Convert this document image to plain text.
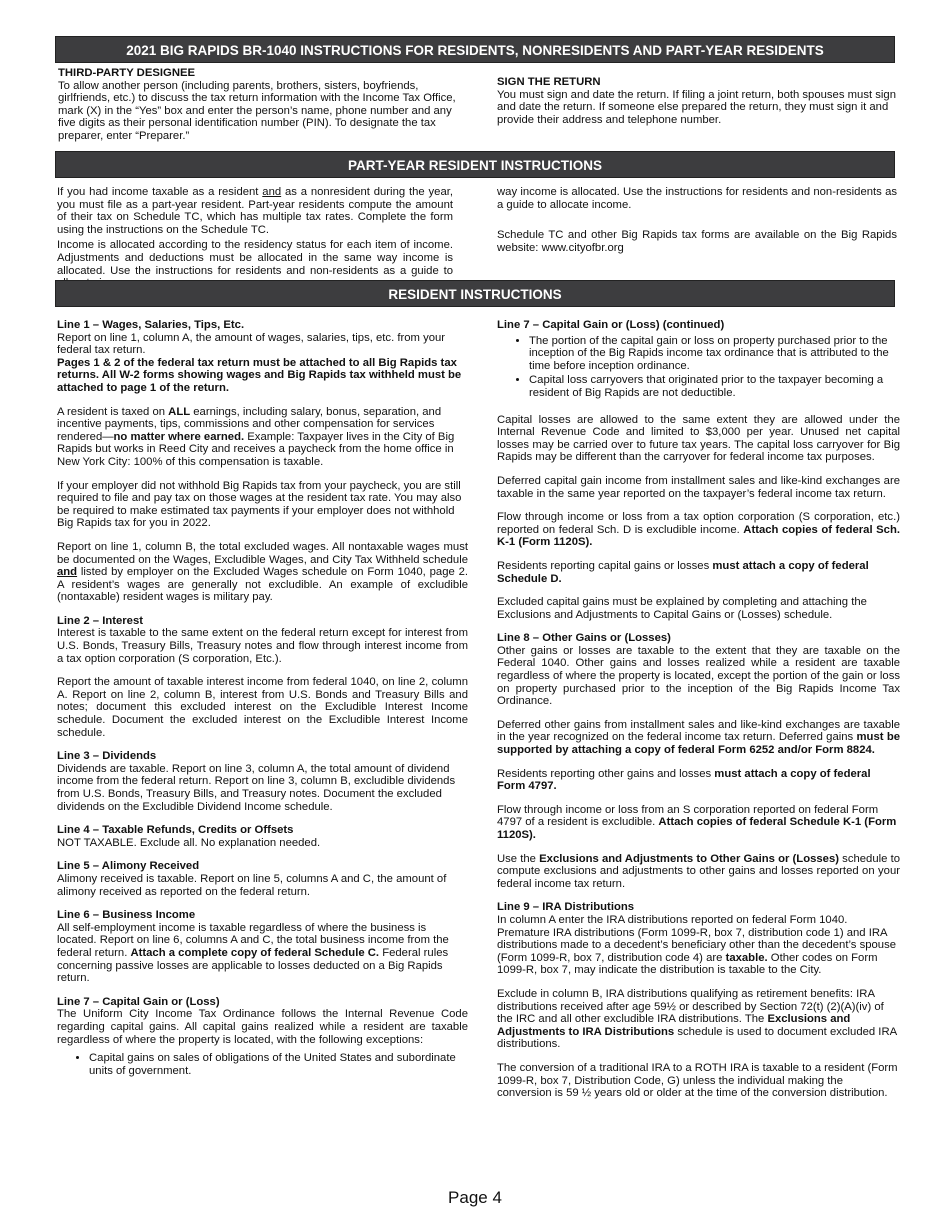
2021 BIG RAPIDS BR-1040 INSTRUCTIONS FOR RESIDENTS, NONRESIDENTS AND PART-YEAR RESIDENTS
THIRD-PARTY DESIGNEE
To allow another person (including parents, brothers, sisters, boyfriends, girlfriends, etc.) to discuss the tax return information with the Income Tax Office, mark (X) in the “Yes” box and enter the person’s name, phone number and any five digits as their personal identification number (PIN). To designate the tax preparer, enter “Preparer.”
SIGN THE RETURN
You must sign and date the return. If filing a joint return, both spouses must sign and date the return. If someone else prepared the return, they must sign it and provide their address and telephone number.
PART-YEAR RESIDENT INSTRUCTIONS

If you had income taxable as a resident and as a nonresident during the year, you must file as a part-year resident. Part-year residents compute the amount of their tax on Schedule TC, which has multiple tax rates. Complete the form using the instructions on the Schedule TC.

Income is allocated according to the residency status for each item of income. Adjustments and deductions must be allocated in the same way income is allocated. Use the instructions for residents and non-residents as a guide to

way income is allocated. Use the instructions for residents and non-residents as a guide to allocate income.

Schedule TC and other Big Rapids tax forms are available on the Big Rapids website: www.cityofbr.org

RESIDENT INSTRUCTIONS

Line 1 – Wages, Salaries, Tips, Etc.
Report on line 1, column A, the amount of wages, salaries, tips, etc. from your federal tax return.
Pages 1 & 2 of the federal tax return must be attached to all Big Rapids tax returns. All W-2 forms showing wages and Big Rapids tax withheld must be attached to page 1 of the return.

A resident is taxed on ALL earnings, including salary, bonus, separation, and incentive payments, tips, commissions and other compensation for services rendered—no matter where earned. Example: Taxpayer lives in the City of Big Rapids but works in Reed City and receives a paycheck from the home office in New York City: 100% of this compensation is taxable.

If your employer did not withhold Big Rapids tax from your paycheck, you are still required to file and pay tax on those wages at the resident tax rate. You may also be required to make estimated tax payments if your employer does not withhold Big Rapids tax for you in 2022.

Report on line 1, column B, the total excluded wages. All nontaxable wages must be documented on the Wages, Excludible Wages, and City Tax Withheld schedule and listed by employer on the Excluded Wages schedule on Form 1040, page 2. A resident’s wages are generally not excludible. An example of excludible (nontaxable) resident wages is military pay.

Line 2 – Interest
Interest is taxable to the same extent on the federal return except for interest from U.S. Bonds, Treasury Bills, Treasury notes and flow through interest income from a tax option corporation (S corporation, Etc.).

Report the amount of taxable interest income from federal 1040, on line 2, column A. Report on line 2, column B, interest from U.S. Bonds and Treasury Bills and notes; document this excluded interest on the Excludible Interest Income schedule. Document the excluded interest on the Excludible Interest Income schedule.

Line 3 – Dividends
Dividends are taxable. Report on line 3, column A, the total amount of dividend income from the federal return. Report on line 3, column B, excludible dividends from U.S. Bonds, Treasury Bills, and Treasury notes. Document the excluded dividends on the Excludible Dividend Income schedule.

Line 4 – Taxable Refunds, Credits or Offsets
NOT TAXABLE. Exclude all. No explanation needed.

Line 5 – Alimony Received
Alimony received is taxable. Report on line 5, columns A and C, the amount of alimony received as reported on the federal return.

Line 6 – Business Income
All self-employment income is taxable regardless of where the business is located. Report on line 6, columns A and C, the total business income from the federal return. Attach a complete copy of federal Schedule C. Federal rules concerning passive losses are applicable to losses deducted on a Big Rapids return.

Line 7 – Capital Gain or (Loss)
The Uniform City Income Tax Ordinance follows the Internal Revenue Code regarding capital gains. All capital gains realized while a resident are taxable regardless of where the property is located, with the following exceptions:

• Capital gains on sales of obligations of the United States and subordinate units of government.

Line 7 – Capital Gain or (Loss) (continued)

• The portion of the capital gain or loss on property purchased prior to the inception of the Big Rapids income tax ordinance that is attributed to the time before inception ordinance.
• Capital loss carryovers that originated prior to the taxpayer becoming a resident of Big Rapids are not deductible.

Capital losses are allowed to the same extent they are allowed under the Internal Revenue Code and limited to $3,000 per year. Unused net capital losses may be carried over to future tax years. The capital loss carryover for Big Rapids may be different than the carryover for federal income tax purposes.

Deferred capital gain income from installment sales and like-kind exchanges are taxable in the same year reported on the taxpayer’s federal income tax return.

Flow through income or loss from a tax option corporation (S corporation, etc.) reported on federal Sch. D is excludible income. Attach copies of federal Sch. K-1 (Form 1120S).

Residents reporting capital gains or losses must attach a copy of federal Schedule D.

Excluded capital gains must be explained by completing and attaching the Exclusions and Adjustments to Capital Gains or (Losses) schedule.

Line 8 – Other Gains or (Losses)
Other gains or losses are taxable to the extent that they are taxable on the Federal 1040. Other gains and losses realized while a resident are taxable regardless of where the property is located, except the portion of the gain or loss on property purchased prior to the inception of the Big Rapids Income Tax Ordinance.

Deferred other gains from installment sales and like-kind exchanges are taxable in the year recognized on the federal income tax return. Deferred gains must be supported by attaching a copy of federal Form 6252 and/or Form 8824.

Residents reporting other gains and losses must attach a copy of federal Form 4797.

Flow through income or loss from an S corporation reported on federal Form 4797 of a resident is excludible. Attach copies of federal Schedule K-1 (Form 1120S).

Use the Exclusions and Adjustments to Other Gains or (Losses) schedule to compute exclusions and adjustments to other gains and losses reported on your federal income tax return.

Line 9 – IRA Distributions
In column A enter the IRA distributions reported on federal Form 1040. Premature IRA distributions (Form 1099-R, box 7, distribution code 1) and IRA distributions made to a decedent’s beneficiary other than the decedent’s spouse (Form 1099-R, box 7, distribution code 4) are taxable. Other codes on Form 1099-R, box 7, may indicate the distribution is taxable to the City.

Exclude in column B, IRA distributions qualifying as retirement benefits: IRA distributions received after age 59½ or described by Section 72(t) (2)(A)(iv) of the IRC and all other excludible IRA distributions. The Exclusions and Adjustments to IRA Distributions schedule is used to document excluded IRA distributions.

The conversion of a traditional IRA to a ROTH IRA is taxable to a resident (Form 1099-R, box 7, Distribution Code, G) unless the individual making the conversion is 59 ½ years old or older at the time of the conversion distribution.

Page 4
